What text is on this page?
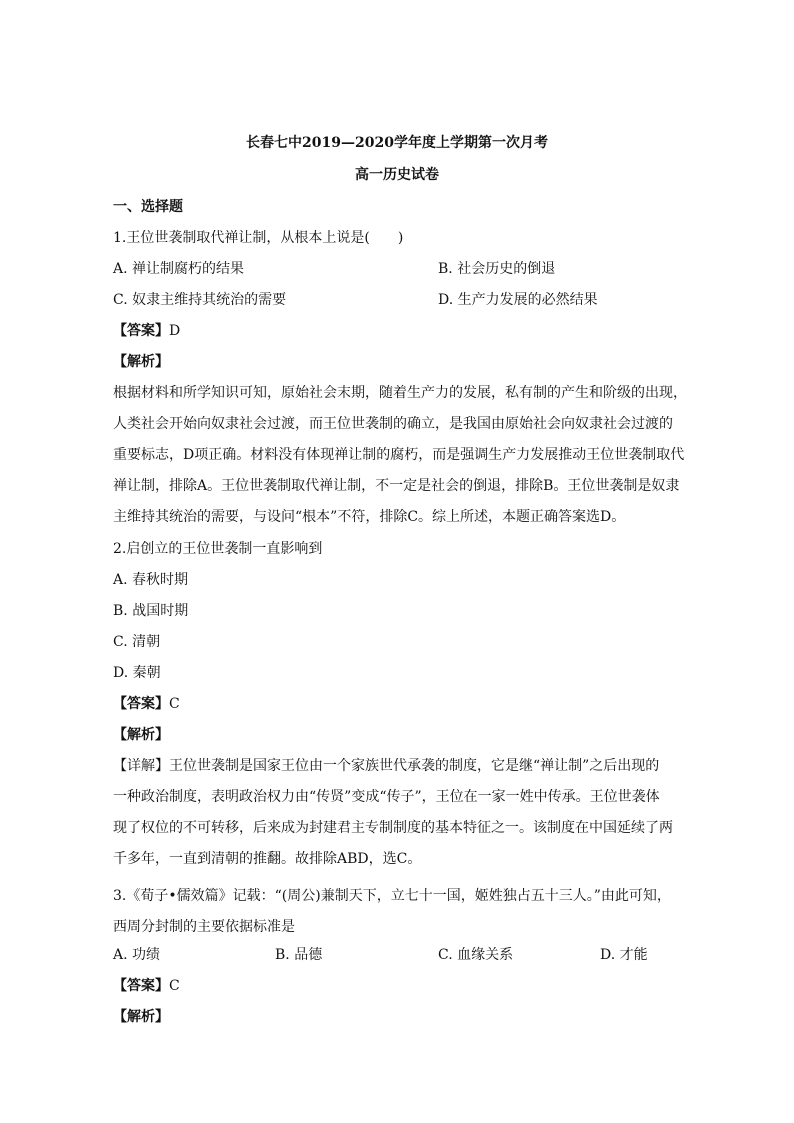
长春七中2019—2020学年度上学期第一次月考
高一历史试卷
一、选择题
1.王位世袭制取代禅让制，从根本上说是(　　)
A. 禅让制腐朽的结果	B. 社会历史的倒退
C. 奴隶主维持其统治的需要	D. 生产力发展的必然结果
【答案】D
【解析】
根据材料和所学知识可知，原始社会末期，随着生产力的发展，私有制的产生和阶级的出现，
人类社会开始向奴隶社会过渡，而王位世袭制的确立，是我国由原始社会向奴隶社会过渡的
重要标志，D项正确。材料没有体现禅让制的腐朽，而是强调生产力发展推动王位世袭制取代
禅让制，排除A。王位世袭制取代禅让制，不一定是社会的倒退，排除B。王位世袭制是奴隶
主维持其统治的需要，与设问“根本”不符，排除C。综上所述，本题正确答案选D。
2.启创立的王位世袭制一直影响到
A. 春秋时期
B. 战国时期
C. 清朝
D. 秦朝
【答案】C
【解析】
【详解】王位世袭制是国家王位由一个家族世代承袭的制度，它是继“禅让制”之后出现的
一种政治制度，表明政治权力由“传贤”变成“传子”，王位在一家一姓中传承。王位世袭体
现了权位的不可转移，后来成为封建君主专制制度的基本特征之一。该制度在中国延续了两
千多年，一直到清朝的推翻。故排除ABD，选C。
3.《荀子•儒效篇》记载：“(周公)兼制天下，立七十一国，姬姓独占五十三人。”由此可知，
西周分封制的主要依据标准是
A. 功绩	B. 品德	C. 血缘关系	D. 才能
【答案】C
【解析】
